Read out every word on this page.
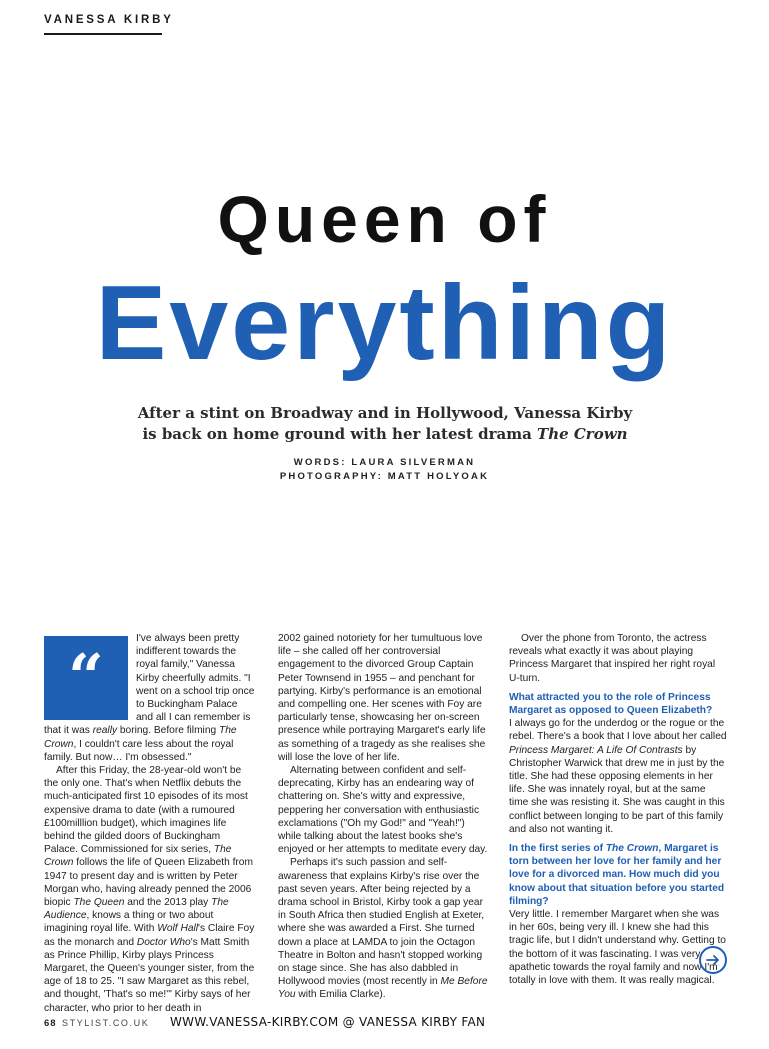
VANESSA KIRBY
Queen of
Everything
After a stint on Broadway and in Hollywood, Vanessa Kirby
is back on home ground with her latest drama The Crown
WORDS: LAURA SILVERMAN
PHOTOGRAPHY: MATT HOLYOAK
“

I've always been pretty indifferent towards the royal family," Vanessa Kirby cheerfully admits. "I went on a school trip once to Buckingham Palace and all I can remember is that it was really boring. Before filming The Crown, I couldn't care less about the royal family. But now… I'm obsessed."

After this Friday, the 28-year-old won't be the only one. That's when Netflix debuts the much-anticipated first 10 episodes of its most expensive drama to date (with a rumoured £100milllion budget), which imagines life behind the gilded doors of Buckingham Palace. Commissioned for six series, The Crown follows the life of Queen Elizabeth from 1947 to present day and is written by Peter Morgan who, having already penned the 2006 biopic The Queen and the 2013 play The Audience, knows a thing or two about imagining royal life. With Wolf Hall's Claire Foy as the monarch and Doctor Who's Matt Smith as Prince Phillip, Kirby plays Princess Margaret, the Queen's younger sister, from the age of 18 to 25. "I saw Margaret as this rebel, and thought, 'That's so me!'" Kirby says of her character, who prior to her death in

2002 gained notoriety for her tumultuous love life – she called off her controversial engagement to the divorced Group Captain Peter Townsend in 1955 – and penchant for partying. Kirby's performance is an emotional and compelling one. Her scenes with Foy are particularly tense, showcasing her on-screen presence while portraying Margaret's early life as something of a tragedy as she realises she will lose the love of her life.

Alternating between confident and self-deprecating, Kirby has an endearing way of chattering on. She's witty and expressive, peppering her conversation with enthusiastic exclamations ("Oh my God!" and "Yeah!") while talking about the latest books she's enjoyed or her attempts to meditate every day.

Perhaps it's such passion and self-awareness that explains Kirby's rise over the past seven years. After being rejected by a drama school in Bristol, Kirby took a gap year in South Africa then studied English at Exeter, where she was awarded a First. She turned down a place at LAMDA to join the Octagon Theatre in Bolton and hasn't stopped working on stage since. She has also dabbled in Hollywood movies (most recently in Me Before You with Emilia Clarke).

Over the phone from Toronto, the actress reveals what exactly it was about playing Princess Margaret that inspired her right royal U-turn.

What attracted you to the role of Princess Margaret as opposed to Queen Elizabeth?

I always go for the underdog or the rogue or the rebel. There's a book that I love about her called Princess Margaret: A Life Of Contrasts by Christopher Warwick that drew me in just by the title. She had these opposing elements in her life. She was innately royal, but at the same time she was resisting it. She was caught in this conflict between longing to be part of this family and also not wanting it.

In the first series of The Crown, Margaret is torn between her love for her family and her love for a divorced man. How much did you know about that situation before you started filming?

Very little. I remember Margaret when she was in her 60s, being very ill. I knew she had this tragic life, but I didn't understand why. Getting to the bottom of it was fascinating. I was very apathetic towards the royal family and now I'm totally in love with them. It was really magical.

68 STYLIST.CO.UK WWW.VANESSA-KIRBY.COM @ VANESSA KIRBY FAN
